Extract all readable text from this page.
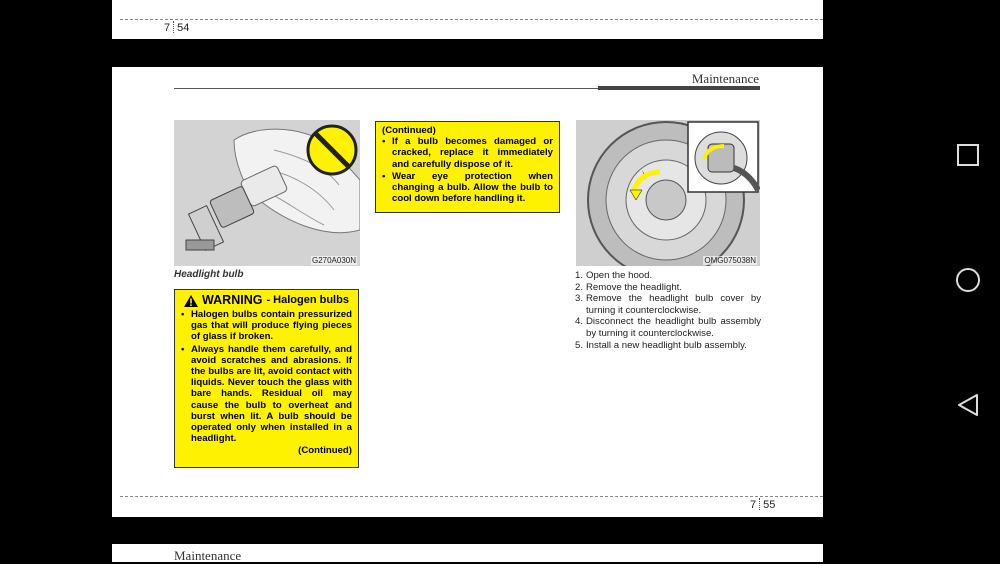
7 54
Maintenance
G270A030N
Headlight bulb
WARNING - Halogen bulbs
• Halogen bulbs contain pressurized gas that will produce flying pieces of glass if broken.
• Always handle them carefully, and avoid scratches and abrasions. If the bulbs are lit, avoid contact with liquids. Never touch the glass with bare hands. Residual oil may cause the bulb to overheat and burst when lit. A bulb should be operated only when installed in a headlight.
(Continued)
(Continued)
• If a bulb becomes damaged or cracked, replace it immediately and carefully dispose of it.
• Wear eye protection when changing a bulb. Allow the bulb to cool down before handling it.
OMG075038N
1. Open the hood.
2. Remove the headlight.
3. Remove the headlight bulb cover by turning it counterclockwise.
4. Disconnect the headlight bulb assembly by turning it counterclockwise.
5. Install a new headlight bulb assembly.
7 55
Maintenance
